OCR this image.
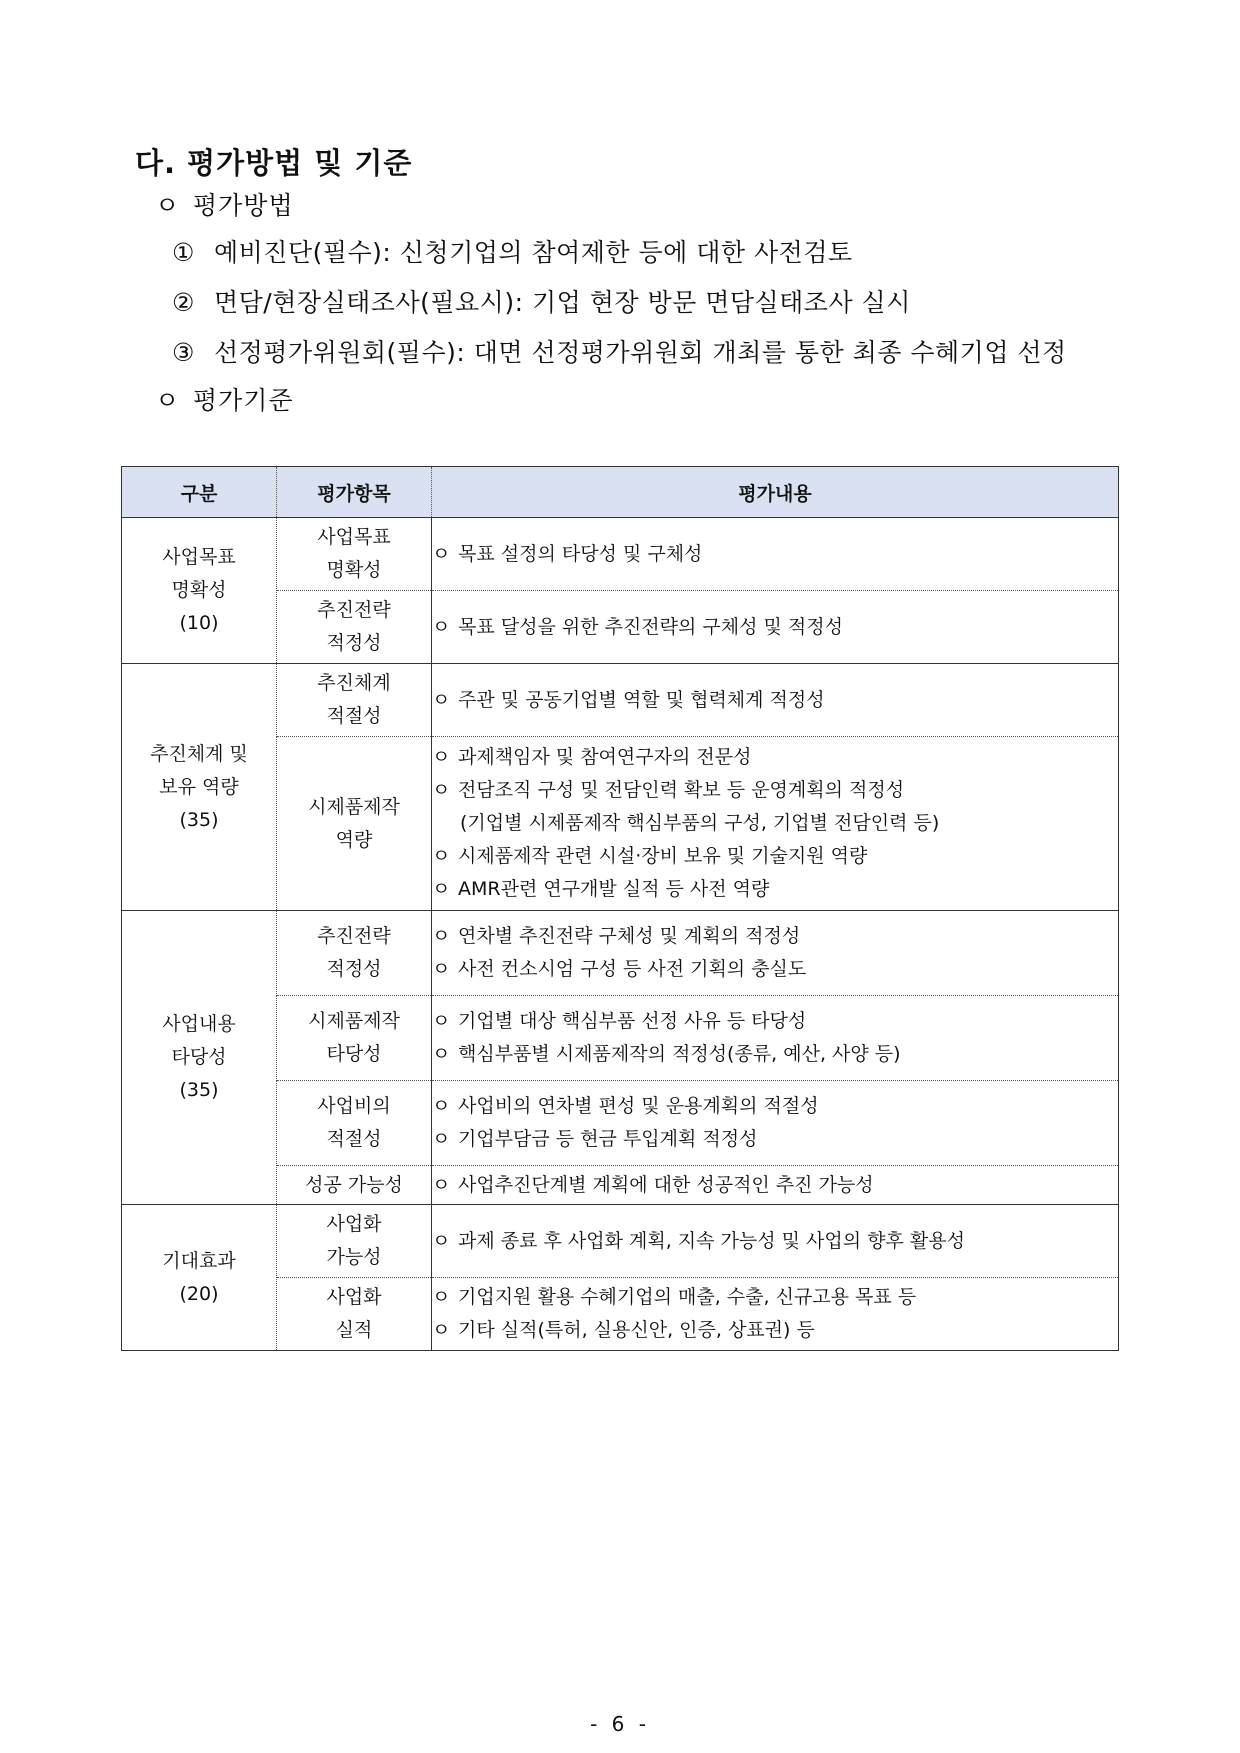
다. 평가방법 및 기준
ㅇ 평가방법
① 예비진단(필수): 신청기업의 참여제한 등에 대한 사전검토
② 면담/현장실태조사(필요시): 기업 현장 방문 면담실태조사 실시
③ 선정평가위원회(필수): 대면 선정평가위원회 개최를 통한 최종 수혜기업 선정
ㅇ 평가기준
구분	평가항목	평가내용

사업목표
명확성
(10)	사업목표
명확성	ㅇ 목표 설정의 타당성 및 구체성

	추진전략
적정성	ㅇ 목표 달성을 위한 추진전략의 구체성 및 적정성

추진체계 및
보유 역량
(35)	추진체계
적절성	ㅇ 주관 및 공동기업별 역할 및 협력체계 적정성

	시제품제작
역량	ㅇ 과제책임자 및 참여연구자의 전문성
ㅇ 전담조직 구성 및 전담인력 확보 등 운영계획의 적정성
(기업별 시제품제작 핵심부품의 구성, 기업별 전담인력 등)
ㅇ 시제품제작 관련 시설·장비 보유 및 기술지원 역량
ㅇ AMR관련 연구개발 실적 등 사전 역량

사업내용
타당성
(35)	추진전략
적정성	ㅇ 연차별 추진전략 구체성 및 계획의 적정성
ㅇ 사전 컨소시엄 구성 등 사전 기획의 충실도

	시제품제작
타당성	ㅇ 기업별 대상 핵심부품 선정 사유 등 타당성
ㅇ 핵심부품별 시제품제작의 적정성(종류, 예산, 사양 등)

	사업비의
적절성	ㅇ 사업비의 연차별 편성 및 운용계획의 적절성
ㅇ 기업부담금 등 현금 투입계획 적정성

	성공 가능성	ㅇ 사업추진단계별 계획에 대한 성공적인 추진 가능성

기대효과
(20)	사업화
가능성	ㅇ 과제 종료 후 사업화 계획, 지속 가능성 및 사업의 향후 활용성

	사업화
실적	ㅇ 기업지원 활용 수혜기업의 매출, 수출, 신규고용 목표 등
ㅇ 기타 실적(특허, 실용신안, 인증, 상표권) 등
- 6 -
